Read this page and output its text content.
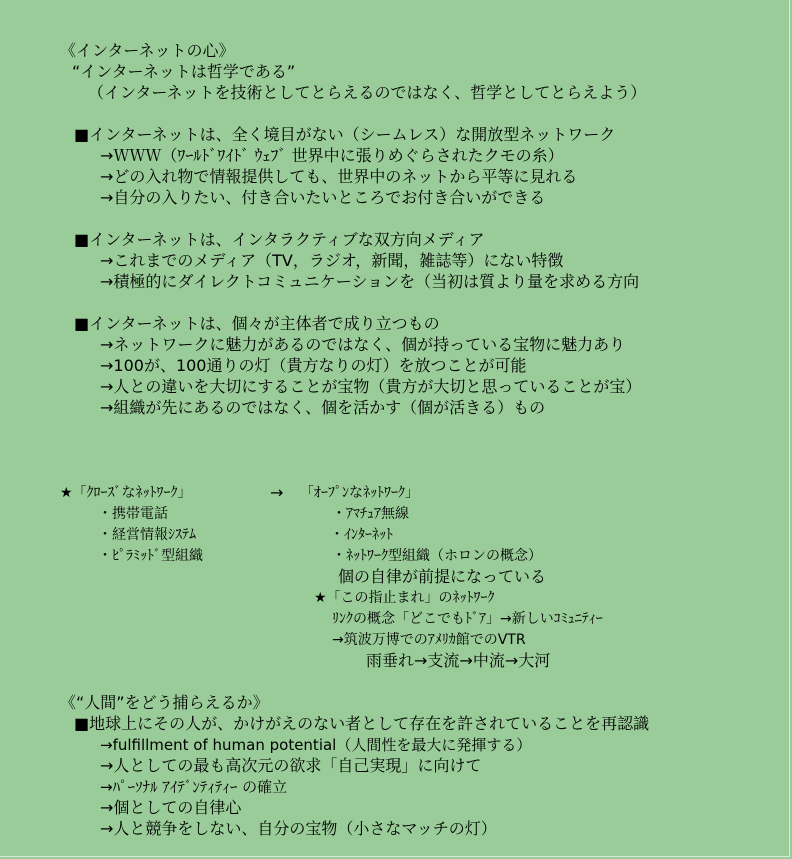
《インターネットの心》
“インターネットは哲学である”
（インターネットを技術としてとらえるのではなく、哲学としてとらえよう）
■インターネットは、全く境目がない（シームレス）な開放型ネットワーク
→ＷＷＷ（ﾜｰﾙﾄﾞﾜｲﾄﾞ ｳｪﾌﾞ 世界中に張りめぐらされたクモの糸）
→どの入れ物で情報提供しても、世界中のネットから平等に見れる
→自分の入りたい、付き合いたいところでお付き合いができる
■インターネットは、インタラクティブな双方向メディア
→これまでのメディア（TV，ラジオ，新聞，雑誌等）にない特徴
→積極的にダイレクトコミュニケーションを（当初は質より量を求める方向
■インターネットは、個々が主体者で成り立つもの
→ネットワークに魅力があるのではなく、個が持っている宝物に魅力あり
→100が、100通りの灯（貴方なりの灯）を放つことが可能
→人との違いを大切にすることが宝物（貴方が大切と思っていることが宝）
→組織が先にあるのではなく、個を活かす（個が活きる）もの
★「ｸﾛｰｽﾞなﾈｯﾄﾜｰｸ」	→ 「ｵｰﾌﾟﾝなﾈｯﾄﾜｰｸ」
・携帯電話
・経営情報ｼｽﾃﾑ
・ﾋﾟﾗﾐｯﾄﾞ型組織
・ｱﾏﾁｭｱ無線
・ｲﾝﾀｰﾈｯﾄ
・ﾈｯﾄﾜｰｸ型組織（ホロンの概念）
個の自律が前提になっている
★「この指止まれ」のﾈｯﾄﾜｰｸ
ﾘﾝｸの概念「どこでもﾄﾞｱ」→新しいｺﾐｭﾆﾃｨｰ
→筑波万博でのｱﾒﾘｶ館でのVTR
雨垂れ→支流→中流→大河
《“人間”をどう捕らえるか》
■地球上にその人が、かけがえのない者として存在を許されていることを再認識
→fulfillment of human potential（人間性を最大に発揮する）
→人としての最も高次元の欲求「自己実現」に向けて
→ﾊﾟｰｿﾅﾙ ｱｲﾃﾞﾝﾃｨﾃｨｰ の確立
→個としての自律心
→人と競争をしない、自分の宝物（小さなマッチの灯）
